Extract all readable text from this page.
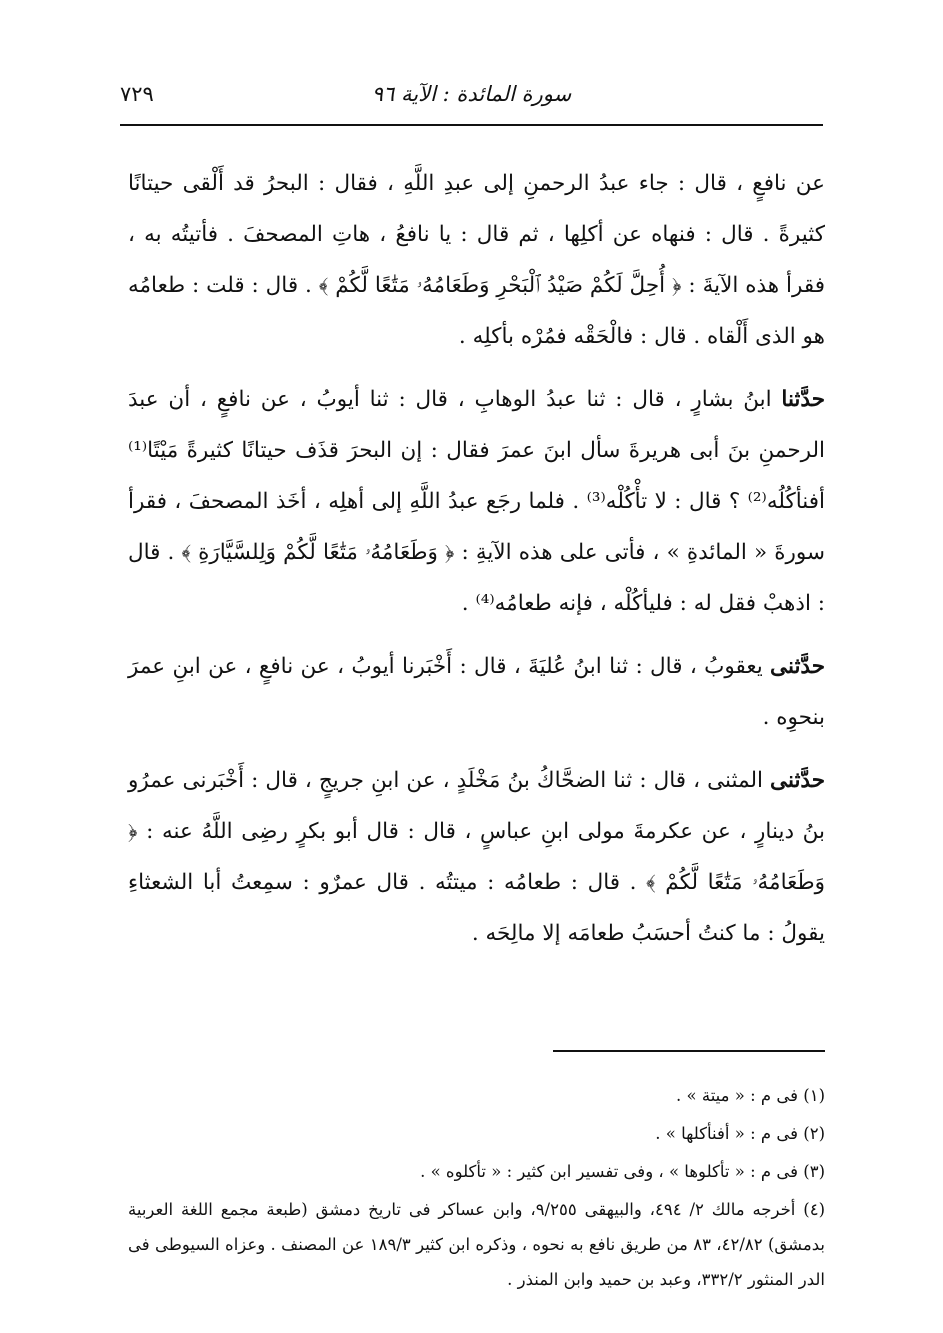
٧٢٩	سورة المائدة : الآية ٩٦

عن نافعٍ ، قال : جاء عبدُ الرحمنِ إلى عبدِ اللَّهِ ، فقال : البحرُ قد أَلْقى حيتانًا كثيرةً . قال : فنهاه عن أكلِها ، ثم قال : يا نافعُ ، هاتِ المصحفَ . فأتيتُه به ، فقرأ هذه الآيةَ : ﴿ أُحِلَّ لَكُمْ صَيْدُ ٱلْبَحْرِ وَطَعَامُهُۥ مَتَٰعًا لَّكُمْ ﴾ . قال : قلت : طعامُه هو الذى أَلْقاه . قال : فالْحَقْه فمُرْه بأكلِه .

حدَّثنا ابنُ بشارٍ ، قال : ثنا عبدُ الوهابِ ، قال : ثنا أيوبُ ، عن نافعٍ ، أن عبدَ الرحمنِ بنَ أبى هريرةَ سأل ابنَ عمرَ فقال : إن البحرَ قذَف حيتانًا كثيرةً مَيْتًا⁽¹⁾ أفنأكُلُه⁽²⁾ ؟ قال : لا تأْكُلْه⁽³⁾ . فلما رجَع عبدُ اللَّهِ إلى أهلِه ، أخَذ المصحفَ ، فقرأ سورةَ « المائدةِ » ، فأتى على هذه الآيةِ : ﴿ وَطَعَامُهُۥ مَتَٰعًا لَّكُمْ وَلِلسَّيَّارَةِ ﴾ . قال : اذهبْ فقل له : فليأكُلْه ، فإنه طعامُه⁽⁴⁾ .

حدَّثنى يعقوبُ ، قال : ثنا ابنُ عُليَةَ ، قال : أَخْبَرنا أيوبُ ، عن نافعٍ ، عن ابنِ عمرَ بنحوِه .

حدَّثنى المثنى ، قال : ثنا الضحَّاكُ بنُ مَخْلَدٍ ، عن ابنِ جريجٍ ، قال : أَخْبَرنى عمرُو بنُ دينارٍ ، عن عكرمةَ مولى ابنِ عباسٍ ، قال : قال أبو بكرٍ رضِى اللَّهُ عنه : ﴿ وَطَعَامُهُۥ مَتَٰعًا لَّكُمْ ﴾ . قال : طعامُه : ميتتُه . قال عمرٌو : سمِعتُ أبا الشعثاءِ يقولُ : ما كنتُ أحسَبُ طعامَه إلا مالِحَه .

(١) فى م : « ميتة » .

(٢) فى م : « أفنأكلها » .

(٣) فى م : « تأكلوها » ، وفى تفسير ابن كثير : « تأكلوه » .

(٤) أخرجه مالك ٢/ ٤٩٤، والبيهقى ٩/٢٥٥، وابن عساكر فى تاريخ دمشق (طبعة مجمع اللغة العربية بدمشق) ٤٢/٨٢، ٨٣ من طريق نافع به نحوه ، وذكره ابن كثير ١٨٩/٣ عن المصنف . وعزاه السيوطى فى الدر المنثور ٣٣٢/٢، وعبد بن حميد وابن المنذر .
